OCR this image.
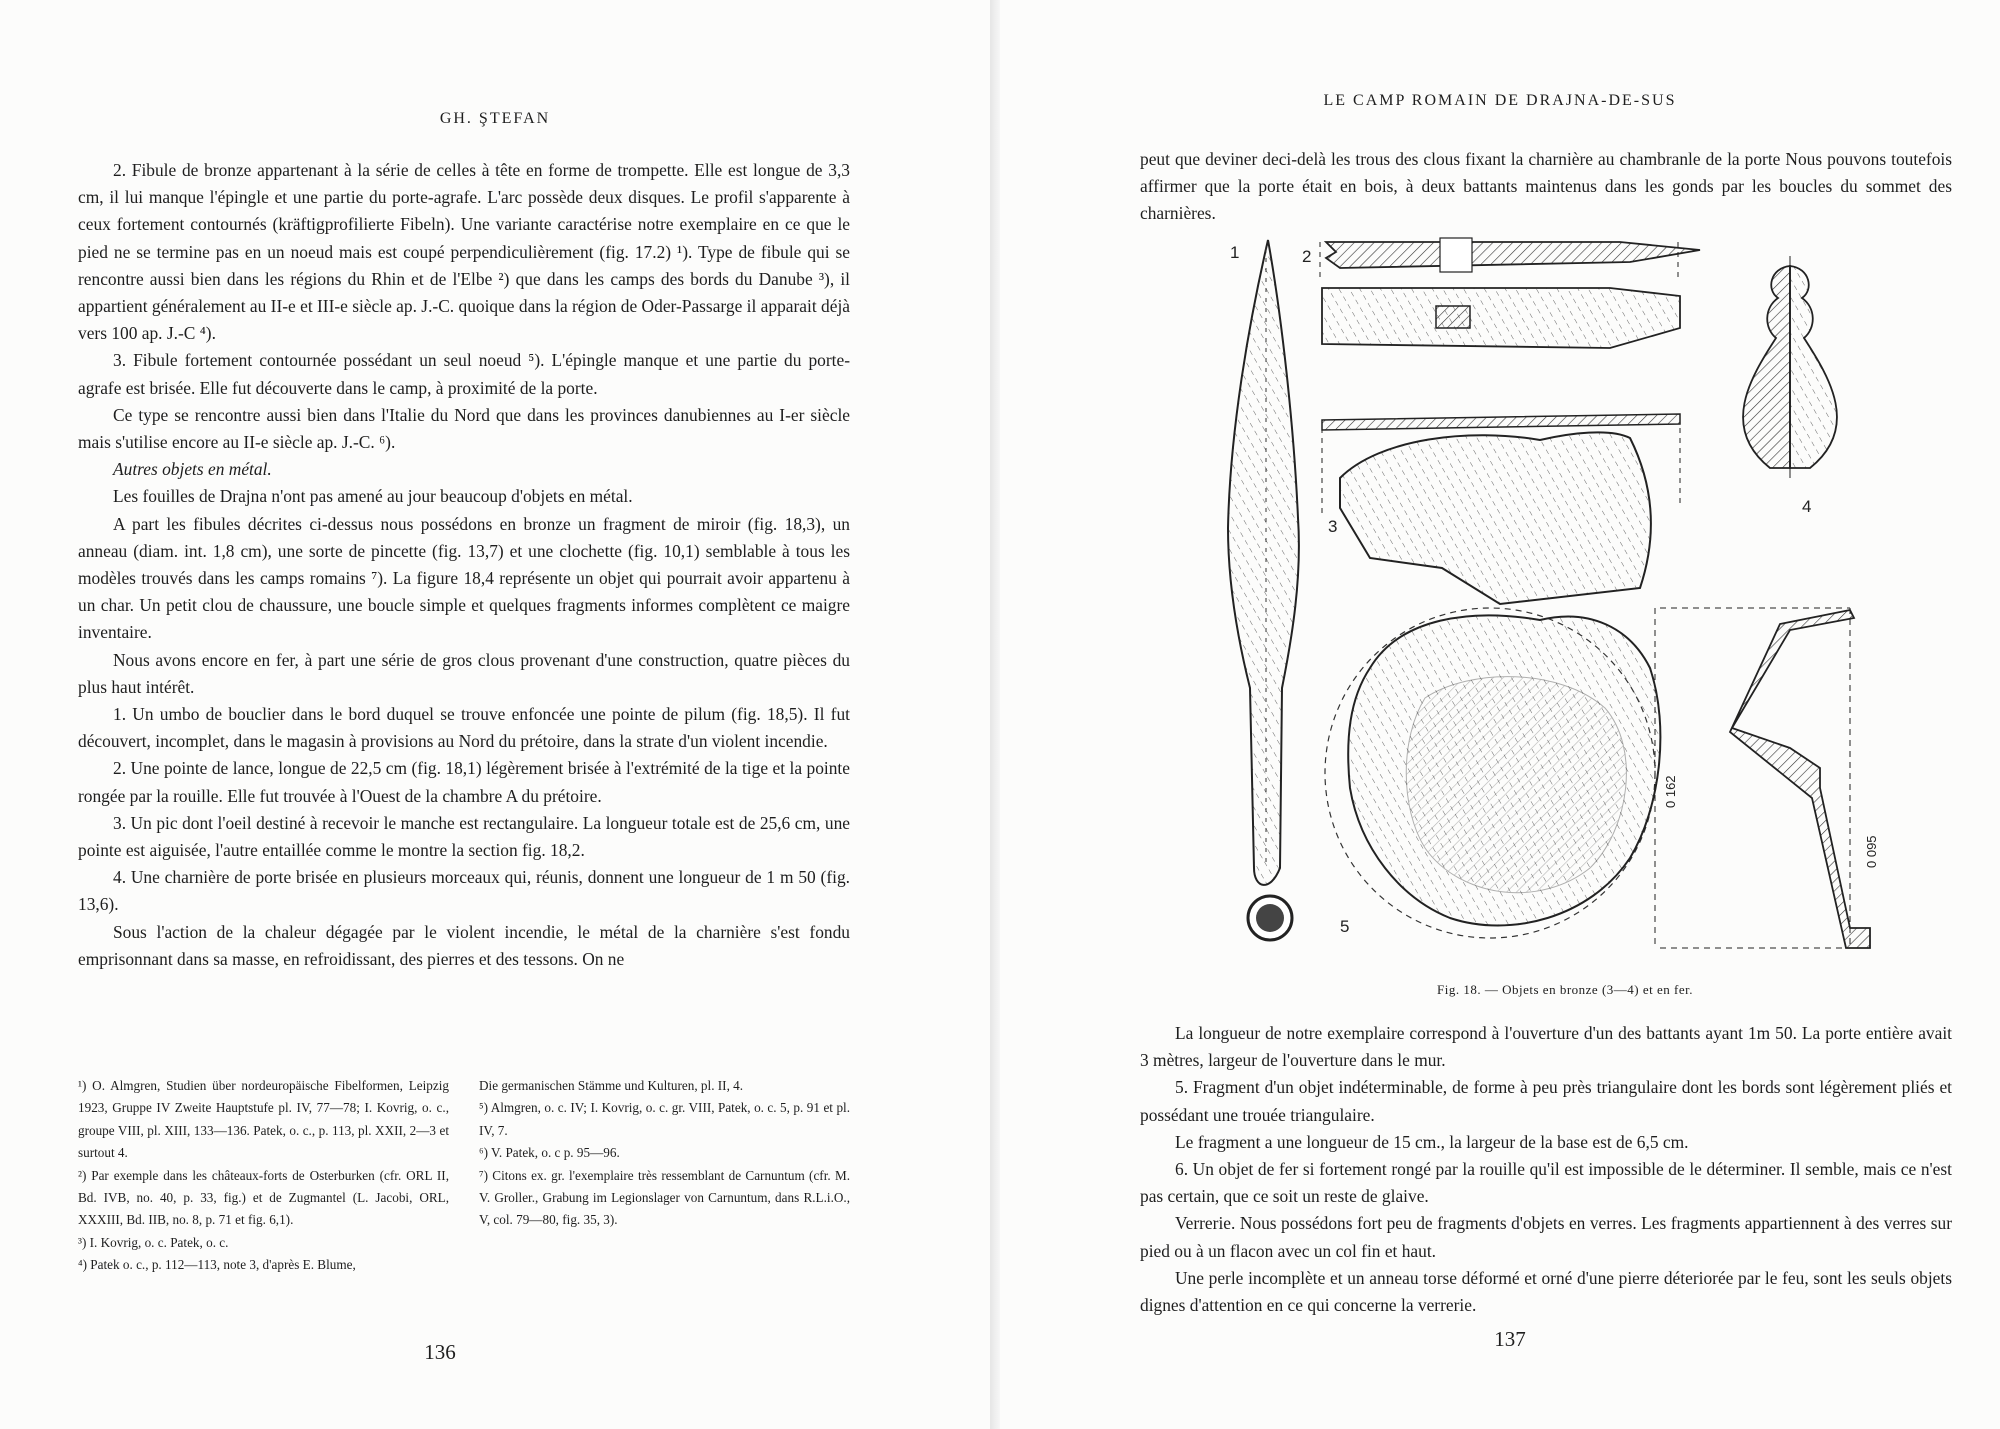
GH. ŞTEFAN

2. Fibule de bronze appartenant à la série de celles à tête en forme de trompette. Elle est longue de 3,3 cm, il lui manque l'épingle et une partie du porte-agrafe. L'arc possède deux disques. Le profil s'apparente à ceux fortement contournés (kräftigprofilierte Fibeln). Une variante caractérise notre exemplaire en ce que le pied ne se termine pas en un noeud mais est coupé perpendiculièrement (fig. 17.2) ¹). Type de fibule qui se rencontre aussi bien dans les régions du Rhin et de l'Elbe ²) que dans les camps des bords du Danube ³), il appartient généralement au II-e et III-e siècle ap. J.-C. quoique dans la région de Oder-Passarge il apparait déjà vers 100 ap. J.-C ⁴).

3. Fibule fortement contournée possédant un seul noeud ⁵). L'épingle manque et une partie du porte-agrafe est brisée. Elle fut découverte dans le camp, à proximité de la porte.

Ce type se rencontre aussi bien dans l'Italie du Nord que dans les provinces danubiennes au I-er siècle mais s'utilise encore au II-e siècle ap. J.-C. ⁶).

Autres objets en métal.

Les fouilles de Drajna n'ont pas amené au jour beaucoup d'objets en métal.

A part les fibules décrites ci-dessus nous possédons en bronze un fragment de miroir (fig. 18,3), un anneau (diam. int. 1,8 cm), une sorte de pincette (fig. 13,7) et une clochette (fig. 10,1) semblable à tous les modèles trouvés dans les camps romains ⁷). La figure 18,4 représente un objet qui pourrait avoir appartenu à un char. Un petit clou de chaussure, une boucle simple et quelques fragments informes complètent ce maigre inventaire.

Nous avons encore en fer, à part une série de gros clous provenant d'une construction, quatre pièces du plus haut intérêt.

1. Un umbo de bouclier dans le bord duquel se trouve enfoncée une pointe de pilum (fig. 18,5). Il fut découvert, incomplet, dans le magasin à provisions au Nord du prétoire, dans la strate d'un violent incendie.

2. Une pointe de lance, longue de 22,5 cm (fig. 18,1) légèrement brisée à l'extrémité de la tige et la pointe rongée par la rouille. Elle fut trouvée à l'Ouest de la chambre A du prétoire.

3. Un pic dont l'oeil destiné à recevoir le manche est rectangulaire. La longueur totale est de 25,6 cm, une pointe est aiguisée, l'autre entaillée comme le montre la section fig. 18,2.

4. Une charnière de porte brisée en plusieurs morceaux qui, réunis, donnent une longueur de 1 m 50 (fig. 13,6).

Sous l'action de la chaleur dégagée par le violent incendie, le métal de la charnière s'est fondu emprisonnant dans sa masse, en refroidissant, des pierres et des tessons. On ne

¹) O. Almgren, Studien über nordeuropäische Fibelformen, Leipzig 1923, Gruppe IV Zweite Hauptstufe pl. IV, 77—78; I. Kovrig, o. c., groupe VIII, pl. XIII, 133—136. Patek, o. c., p. 113, pl. XXII, 2—3 et surtout 4.

²) Par exemple dans les châteaux-forts de Osterburken (cfr. ORL II, Bd. IVB, no. 40, p. 33, fig.) et de Zugmantel (L. Jacobi, ORL, XXXIII, Bd. IIB, no. 8, p. 71 et fig. 6,1).

³) I. Kovrig, o. c. Patek, o. c.

⁴) Patek o. c., p. 112—113, note 3, d'après E. Blume,

Die germanischen Stämme und Kulturen, pl. II, 4.

⁵) Almgren, o. c. IV; I. Kovrig, o. c. gr. VIII, Patek, o. c. 5, p. 91 et pl. IV, 7.

⁶) V. Patek, o. c p. 95—96.

⁷) Citons ex. gr. l'exemplaire très ressemblant de Carnuntum (cfr. M. V. Groller., Grabung im Legionslager von Carnuntum, dans R.L.i.O., V, col. 79—80, fig. 35, 3).

136
LE CAMP ROMAIN DE DRAJNA-DE-SUS

peut que deviner deci-delà les trous des clous fixant la charnière au chambranle de la porte Nous pouvons toutefois affirmer que la porte était en bois, à deux battants maintenus dans les gonds par les boucles du sommet des charnières.

1	2
3
4
5
0 162
0 095
Fig. 18. — Objets en bronze (3—4) et en fer.

La longueur de notre exemplaire correspond à l'ouverture d'un des battants ayant 1m 50. La porte entière avait 3 mètres, largeur de l'ouverture dans le mur.

5. Fragment d'un objet indéterminable, de forme à peu près triangulaire dont les bords sont légèrement pliés et possédant une trouée triangulaire.

Le fragment a une longueur de 15 cm., la largeur de la base est de 6,5 cm.

6. Un objet de fer si fortement rongé par la rouille qu'il est impossible de le déterminer. Il semble, mais ce n'est pas certain, que ce soit un reste de glaive.

Verrerie. Nous possédons fort peu de fragments d'objets en verres. Les fragments appartiennent à des verres sur pied ou à un flacon avec un col fin et haut.

Une perle incomplète et un anneau torse déformé et orné d'une pierre déteriorée par le feu, sont les seuls objets dignes d'attention en ce qui concerne la verrerie.

137
